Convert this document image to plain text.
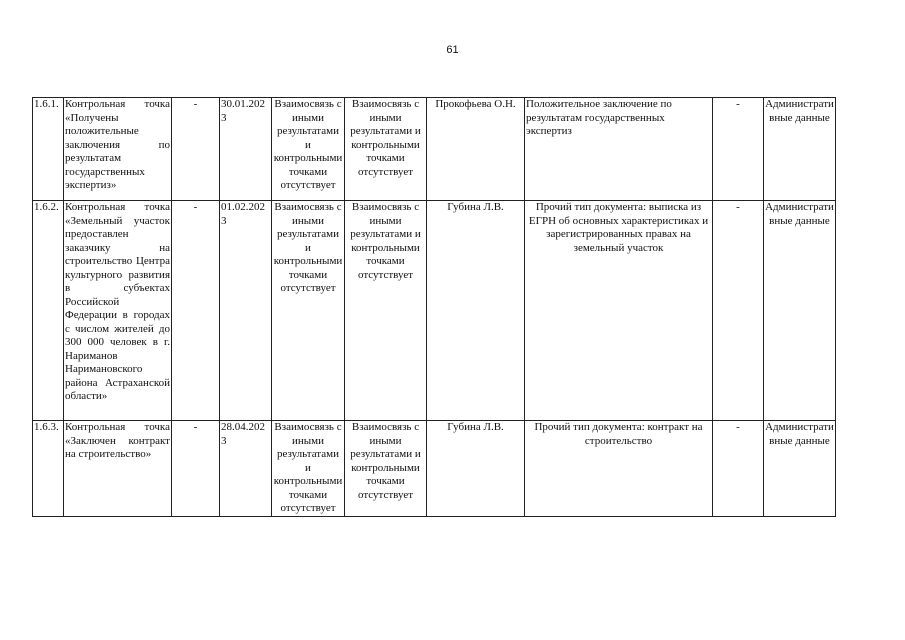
61
1.6.1.	Контрольная точка «Получены положительные заключения по результатам государственных экспертиз»	-	30.01.2023	Взаимосвязь с иными результатами и контрольными точками отсутствует	Взаимосвязь с иными результатами и контрольными точками отсутствует	Прокофьева О.Н.	Положительное заключение по результатам государственных экспертиз	-	Административные данные
1.6.2.	Контрольная точка «Земельный участок предоставлен заказчику на строительство Центра культурного развития в субъектах Российской Федерации в городах с числом жителей до 300 000 человек в г. Нариманов Наримановского района Астраханской области»	-	01.02.2023	Взаимосвязь с иными результатами и контрольными точками отсутствует	Взаимосвязь с иными результатами и контрольными точками отсутствует	Губина Л.В.	Прочий тип документа: выписка из ЕГРН об основных характеристиках и зарегистрированных правах на земельный участок	-	Административные данные
1.6.3.	Контрольная точка «Заключен контракт на строительство»	-	28.04.2023	Взаимосвязь с иными результатами и контрольными точками отсутствует	Взаимосвязь с иными результатами и контрольными точками отсутствует	Губина Л.В.	Прочий тип документа: контракт на строительство	-	Административные данные
